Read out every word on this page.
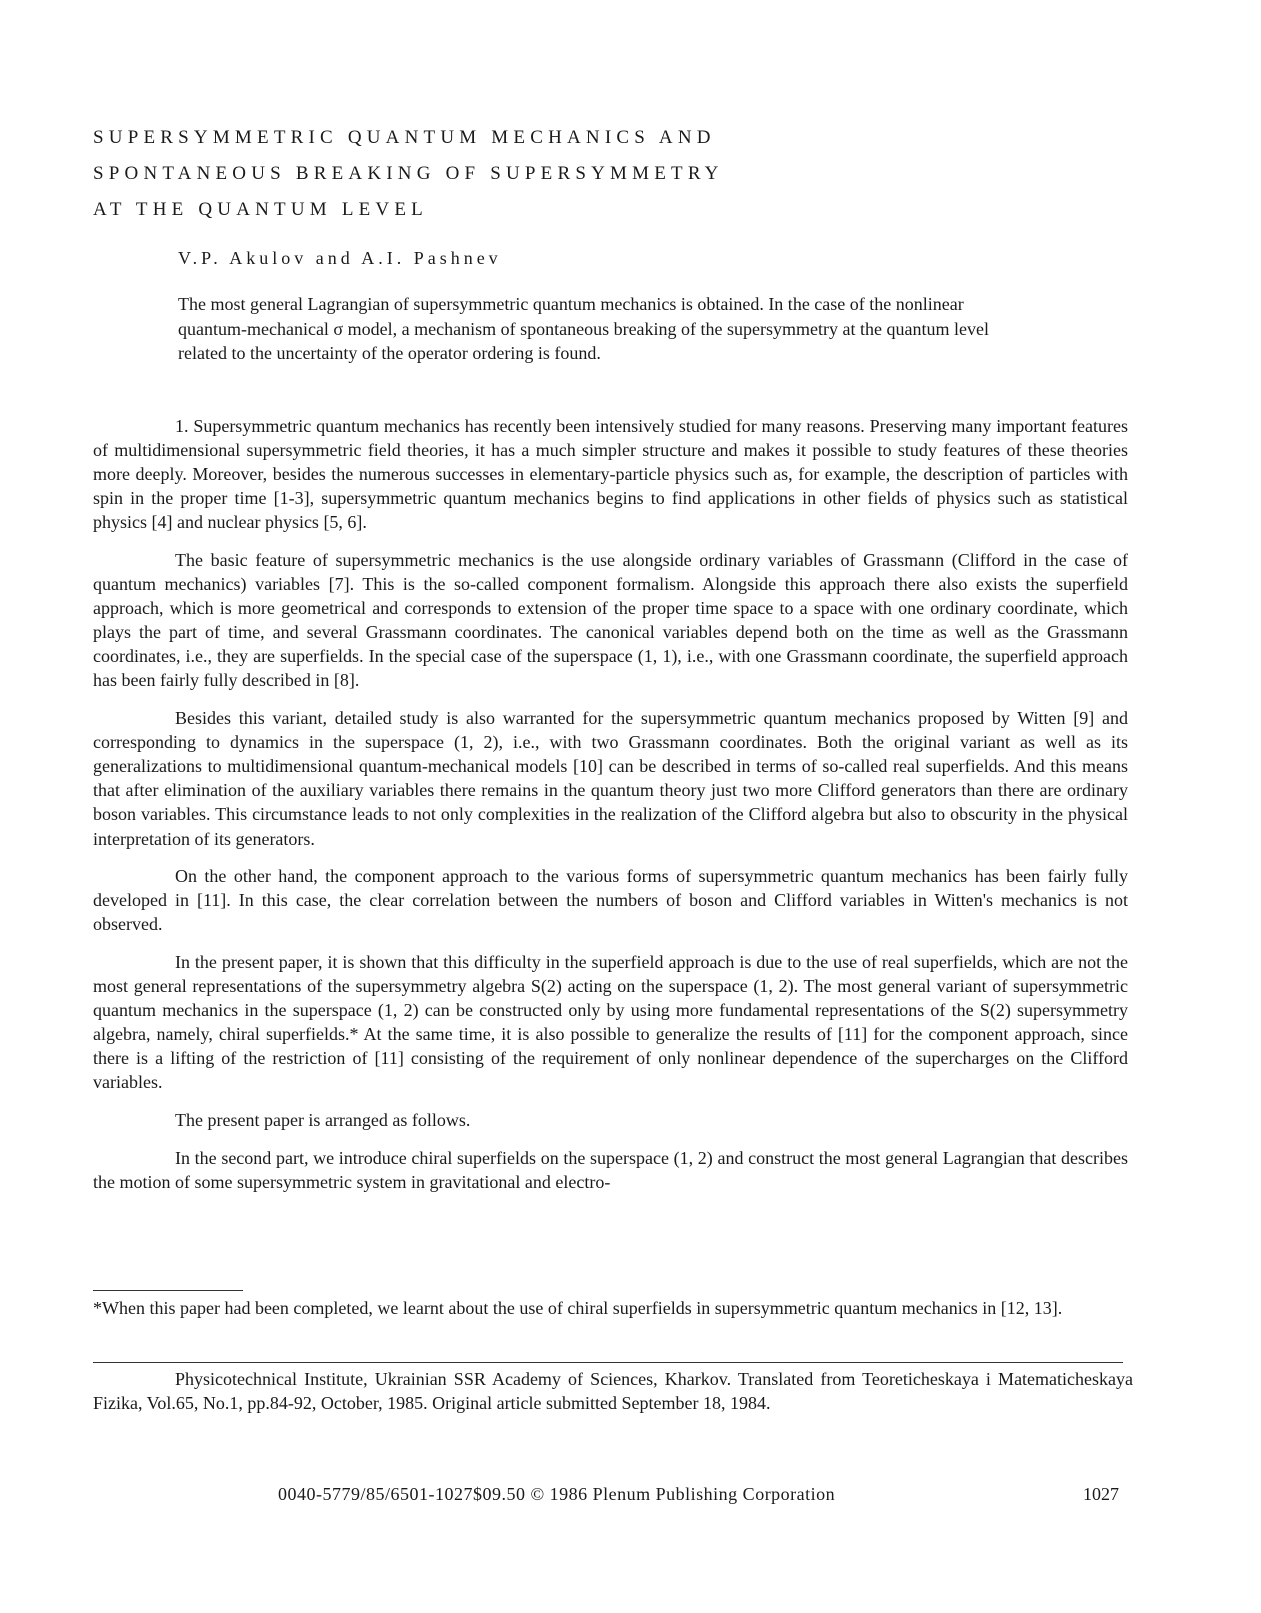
SUPERSYMMETRIC QUANTUM MECHANICS AND
SPONTANEOUS BREAKING OF SUPERSYMMETRY
AT THE QUANTUM LEVEL
V.P. Akulov and A.I. Pashnev

The most general Lagrangian of supersymmetric quantum mechanics is obtained. In the case of the nonlinear quantum-mechanical σ model, a mechanism of spontaneous breaking of the supersymmetry at the quantum level related to the uncertainty of the operator ordering is found.

1. Supersymmetric quantum mechanics has recently been intensively studied for many reasons. Preserving many important features of multidimensional supersymmetric field theories, it has a much simpler structure and makes it possible to study features of these theories more deeply. Moreover, besides the numerous successes in elementary-particle physics such as, for example, the description of particles with spin in the proper time [1-3], supersymmetric quantum mechanics begins to find applications in other fields of physics such as statistical physics [4] and nuclear physics [5, 6].

The basic feature of supersymmetric mechanics is the use alongside ordinary variables of Grassmann (Clifford in the case of quantum mechanics) variables [7]. This is the so-called component formalism. Alongside this approach there also exists the superfield approach, which is more geometrical and corresponds to extension of the proper time space to a space with one ordinary coordinate, which plays the part of time, and several Grassmann coordinates. The canonical variables depend both on the time as well as the Grassmann coordinates, i.e., they are superfields. In the special case of the superspace (1, 1), i.e., with one Grassmann coordinate, the superfield approach has been fairly fully described in [8].

Besides this variant, detailed study is also warranted for the supersymmetric quantum mechanics proposed by Witten [9] and corresponding to dynamics in the superspace (1, 2), i.e., with two Grassmann coordinates. Both the original variant as well as its generalizations to multidimensional quantum-mechanical models [10] can be described in terms of so-called real superfields. And this means that after elimination of the auxiliary variables there remains in the quantum theory just two more Clifford generators than there are ordinary boson variables. This circumstance leads to not only complexities in the realization of the Clifford algebra but also to obscurity in the physical interpretation of its generators.

On the other hand, the component approach to the various forms of supersymmetric quantum mechanics has been fairly fully developed in [11]. In this case, the clear correlation between the numbers of boson and Clifford variables in Witten's mechanics is not observed.

In the present paper, it is shown that this difficulty in the superfield approach is due to the use of real superfields, which are not the most general representations of the supersymmetry algebra S(2) acting on the superspace (1, 2). The most general variant of supersymmetric quantum mechanics in the superspace (1, 2) can be constructed only by using more fundamental representations of the S(2) supersymmetry algebra, namely, chiral superfields.* At the same time, it is also possible to generalize the results of [11] for the component approach, since there is a lifting of the restriction of [11] consisting of the requirement of only nonlinear dependence of the supercharges on the Clifford variables.

The present paper is arranged as follows.

In the second part, we introduce chiral superfields on the superspace (1, 2) and construct the most general Lagrangian that describes the motion of some supersymmetric system in gravitational and electro-

*When this paper had been completed, we learnt about the use of chiral superfields in supersymmetric quantum mechanics in [12, 13].

Physicotechnical Institute, Ukrainian SSR Academy of Sciences, Kharkov. Translated from Teoreticheskaya i Matematicheskaya Fizika, Vol.65, No.1, pp.84-92, October, 1985. Original article submitted September 18, 1984.

0040-5779/85/6501-1027$09.50 © 1986 Plenum Publishing Corporation	1027
